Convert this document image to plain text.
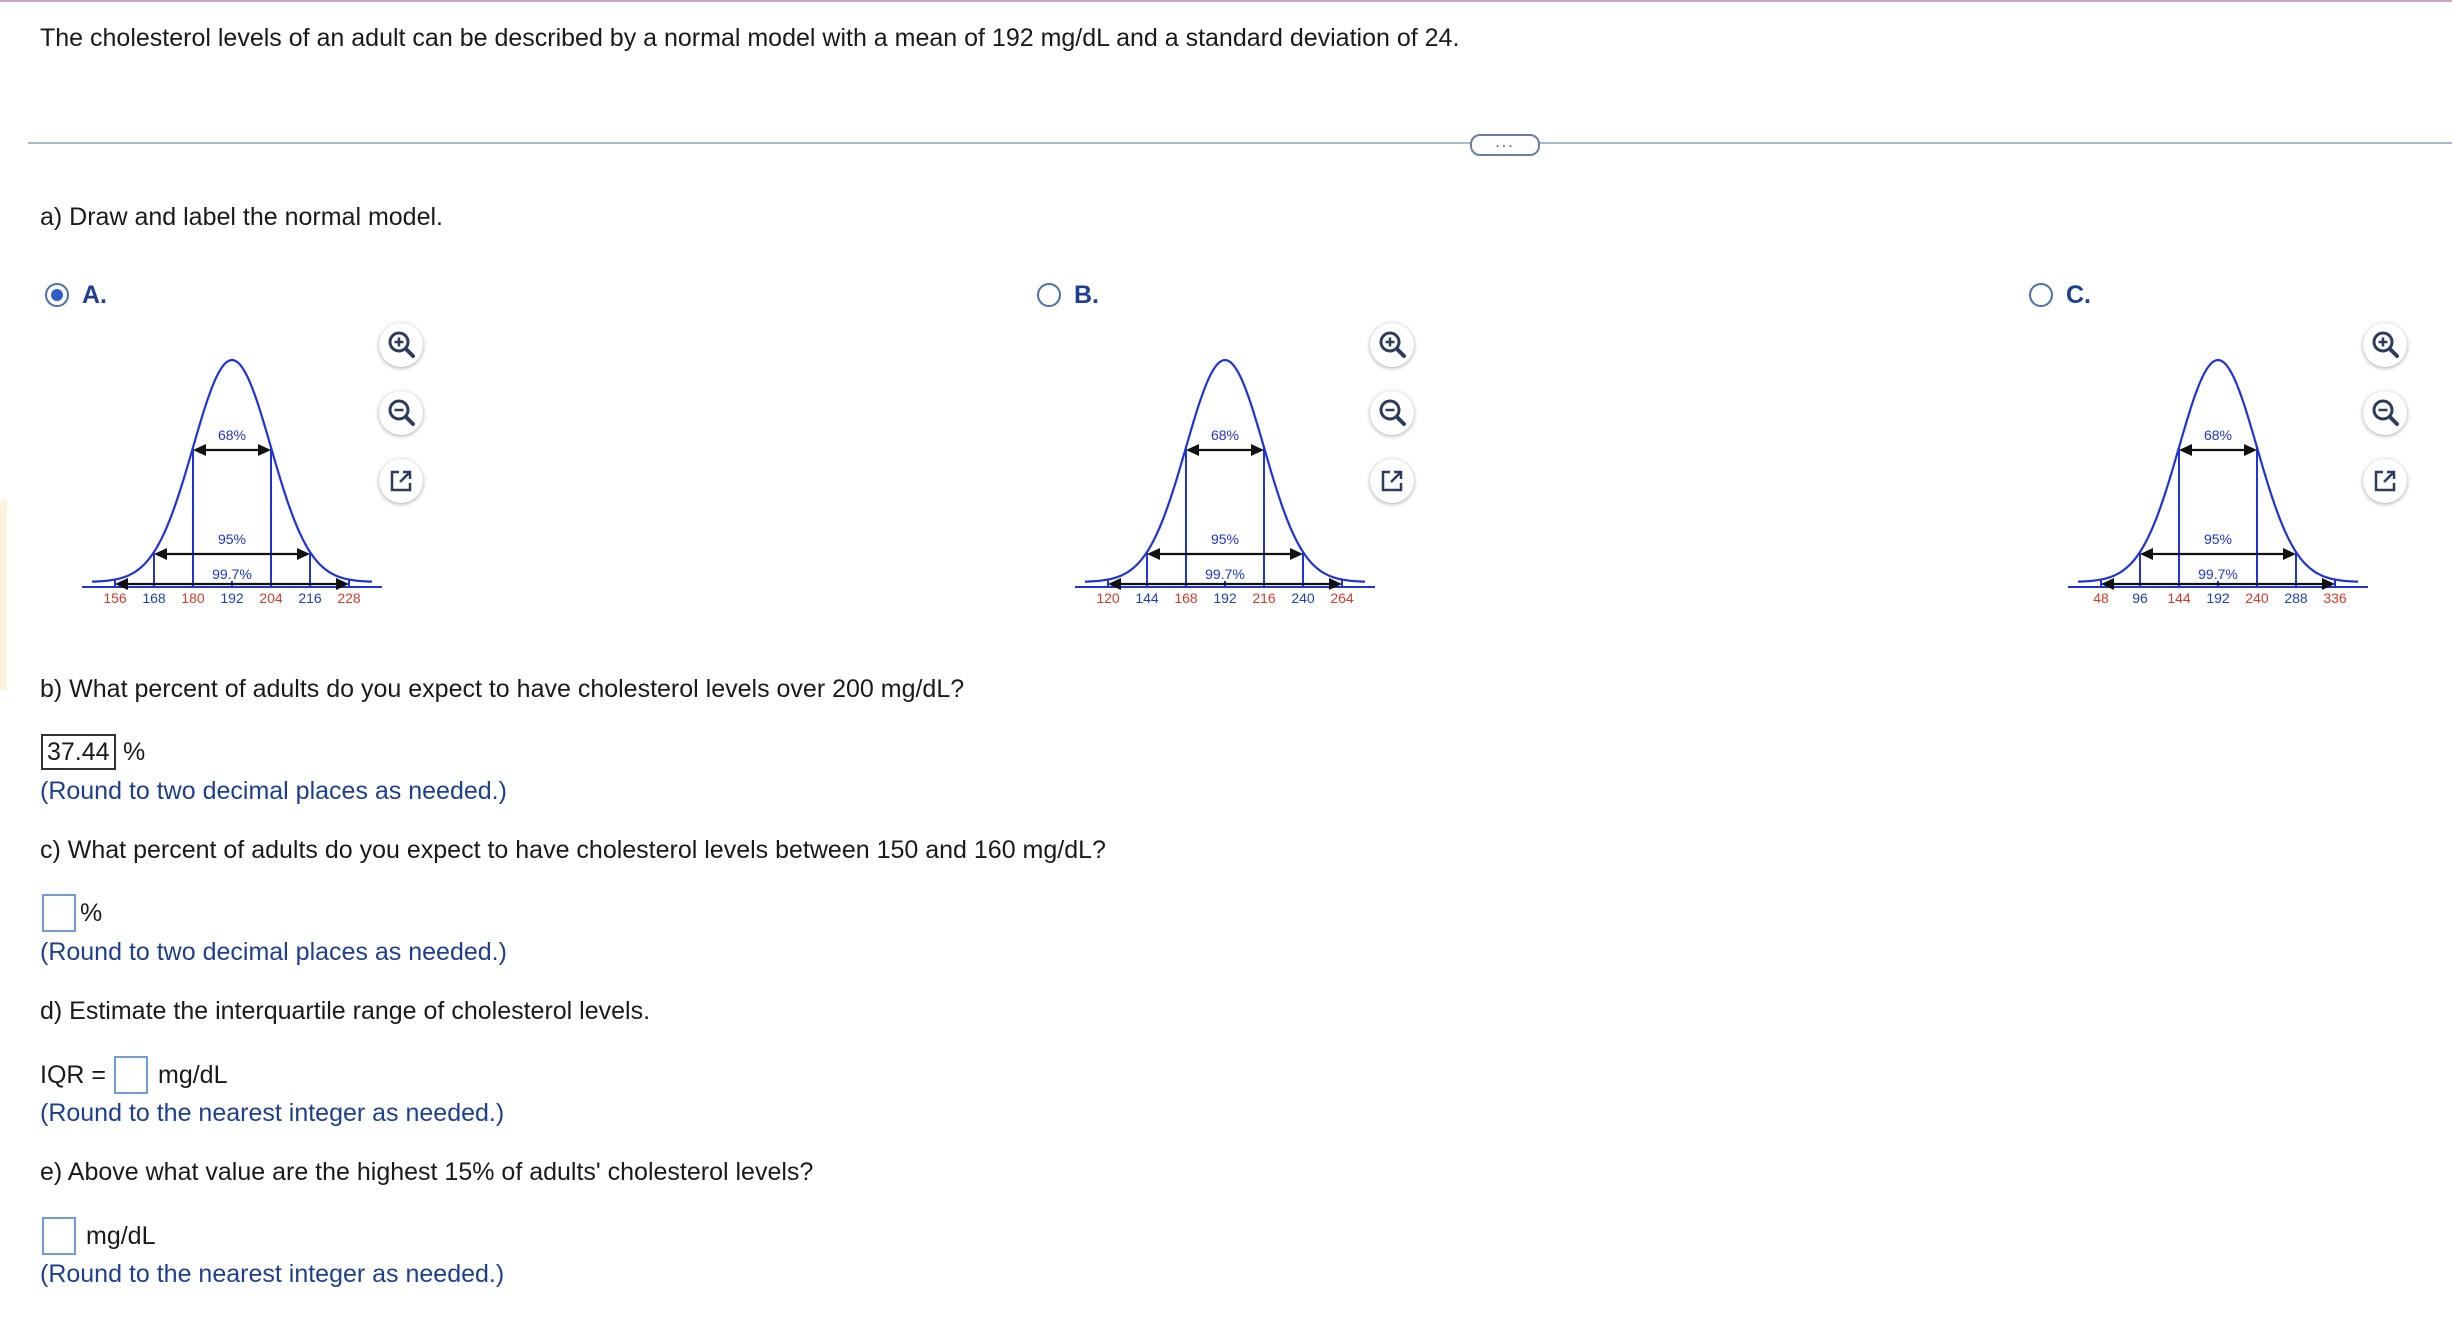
The cholesterol levels of an adult can be described by a normal model with a mean of 192 mg/dL and a standard deviation of 24.
...
a) Draw and label the normal model.
A.
68%
95%
99.7%
156 168 180 192 204 216 228
B.
68%
95%
99.7%
120 144 168 192 216 240 264
C.
68%
95%
99.7%
48 96 144 192 240 288 336
b) What percent of adults do you expect to have cholesterol levels over 200 mg/dL?
37.44 %
(Round to two decimal places as needed.)
c) What percent of adults do you expect to have cholesterol levels between 150 and 160 mg/dL?
%
(Round to two decimal places as needed.)
d) Estimate the interquartile range of cholesterol levels.
IQR = mg/dL
(Round to the nearest integer as needed.)
e) Above what value are the highest 15% of adults' cholesterol levels?
mg/dL
(Round to the nearest integer as needed.)
